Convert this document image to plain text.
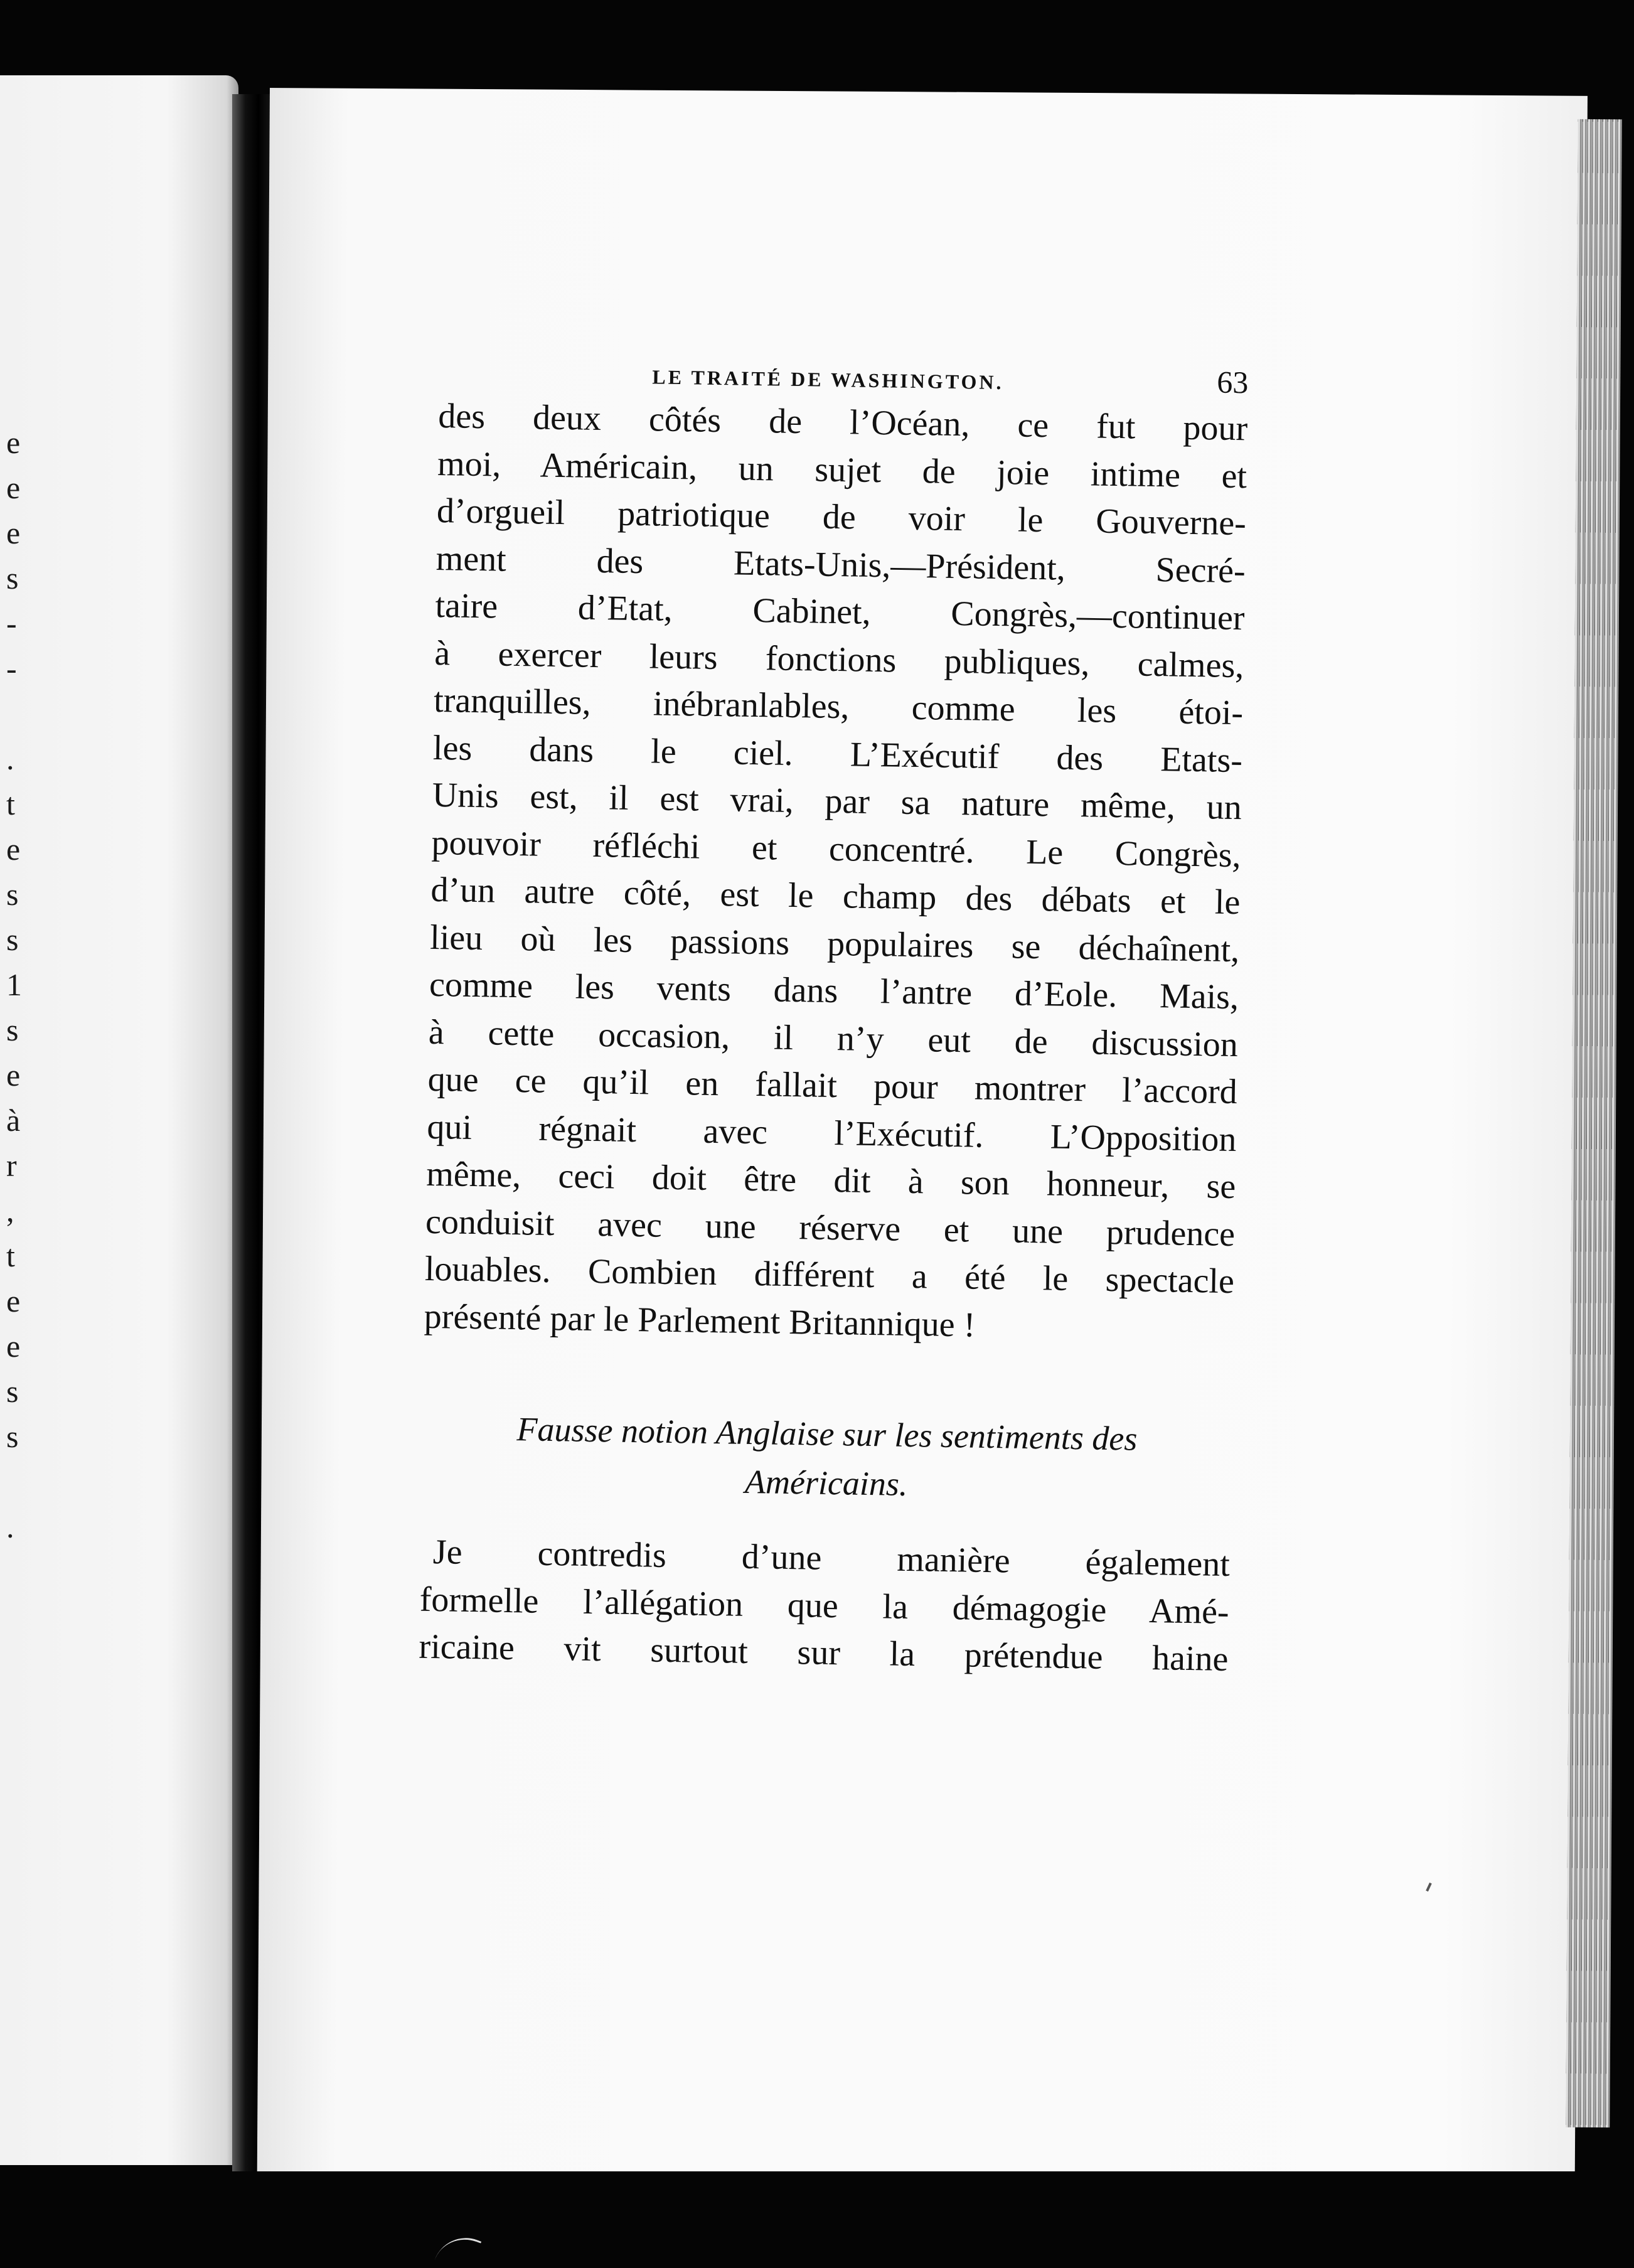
e
e
e
s
-
-
.
t
e
s
s
1
s
e
à
r
,
t
e
e
s
s
.
LE TRAITÉ DE WASHINGTON.	63
des deux côtés de l’Océan, ce fut pour
moi, Américain, un sujet de joie intime et
d’orgueil patriotique de voir le Gouverne-
ment des Etats-Unis,—Président, Secré-
taire d’Etat, Cabinet, Congrès,—continuer
à exercer leurs fonctions publiques, calmes,
tranquilles, inébranlables, comme les étoi-
les dans le ciel. L’Exécutif des Etats-
Unis est, il est vrai, par sa nature même, un
pouvoir réfléchi et concentré. Le Congrès,
d’un autre côté, est le champ des débats et le
lieu où les passions populaires se déchaînent,
comme les vents dans l’antre d’Eole. Mais,
à cette occasion, il n’y eut de discussion
que ce qu’il en fallait pour montrer l’accord
qui régnait avec l’Exécutif. L’Opposition
même, ceci doit être dit à son honneur, se
conduisit avec une réserve et une prudence
louables. Combien différent a été le spectacle
présenté par le Parlement Britannique !
Fausse notion Anglaise sur les sentiments des
Américains.
Je contredis d’une manière également
formelle l’allégation que la démagogie Amé-
ricaine vit surtout sur la prétendue haine
